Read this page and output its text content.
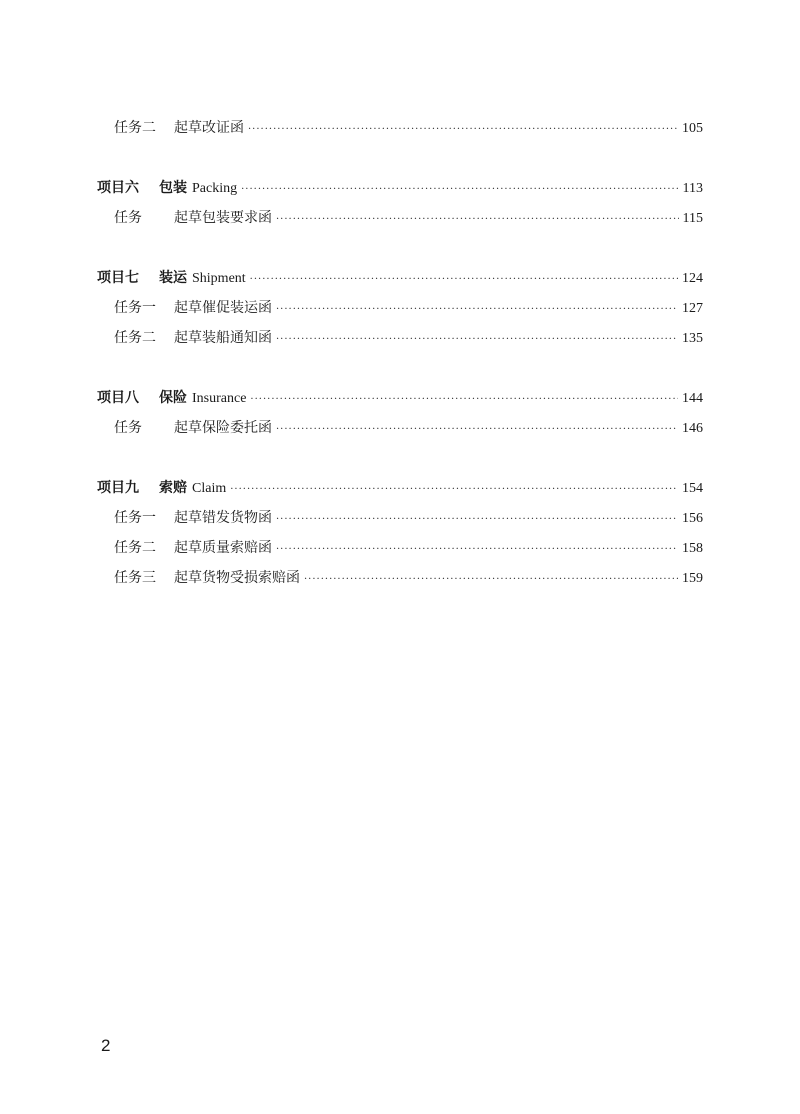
任务二	起草改证函 ·····	105
项目六	包装 Packing ·····	113
任务	起草包装要求函 ·····	115
项目七	装运 Shipment ·····	124
任务一	起草催促装运函 ·····	127
任务二	起草装船通知函 ·····	135
项目八	保险 Insurance ·····	144
任务	起草保险委托函 ·····	146
项目九	索赔 Claim ·····	154
任务一	起草错发货物函 ·····	156
任务二	起草质量索赔函 ·····	158
任务三	起草货物受损索赔函 ·····	159
2
